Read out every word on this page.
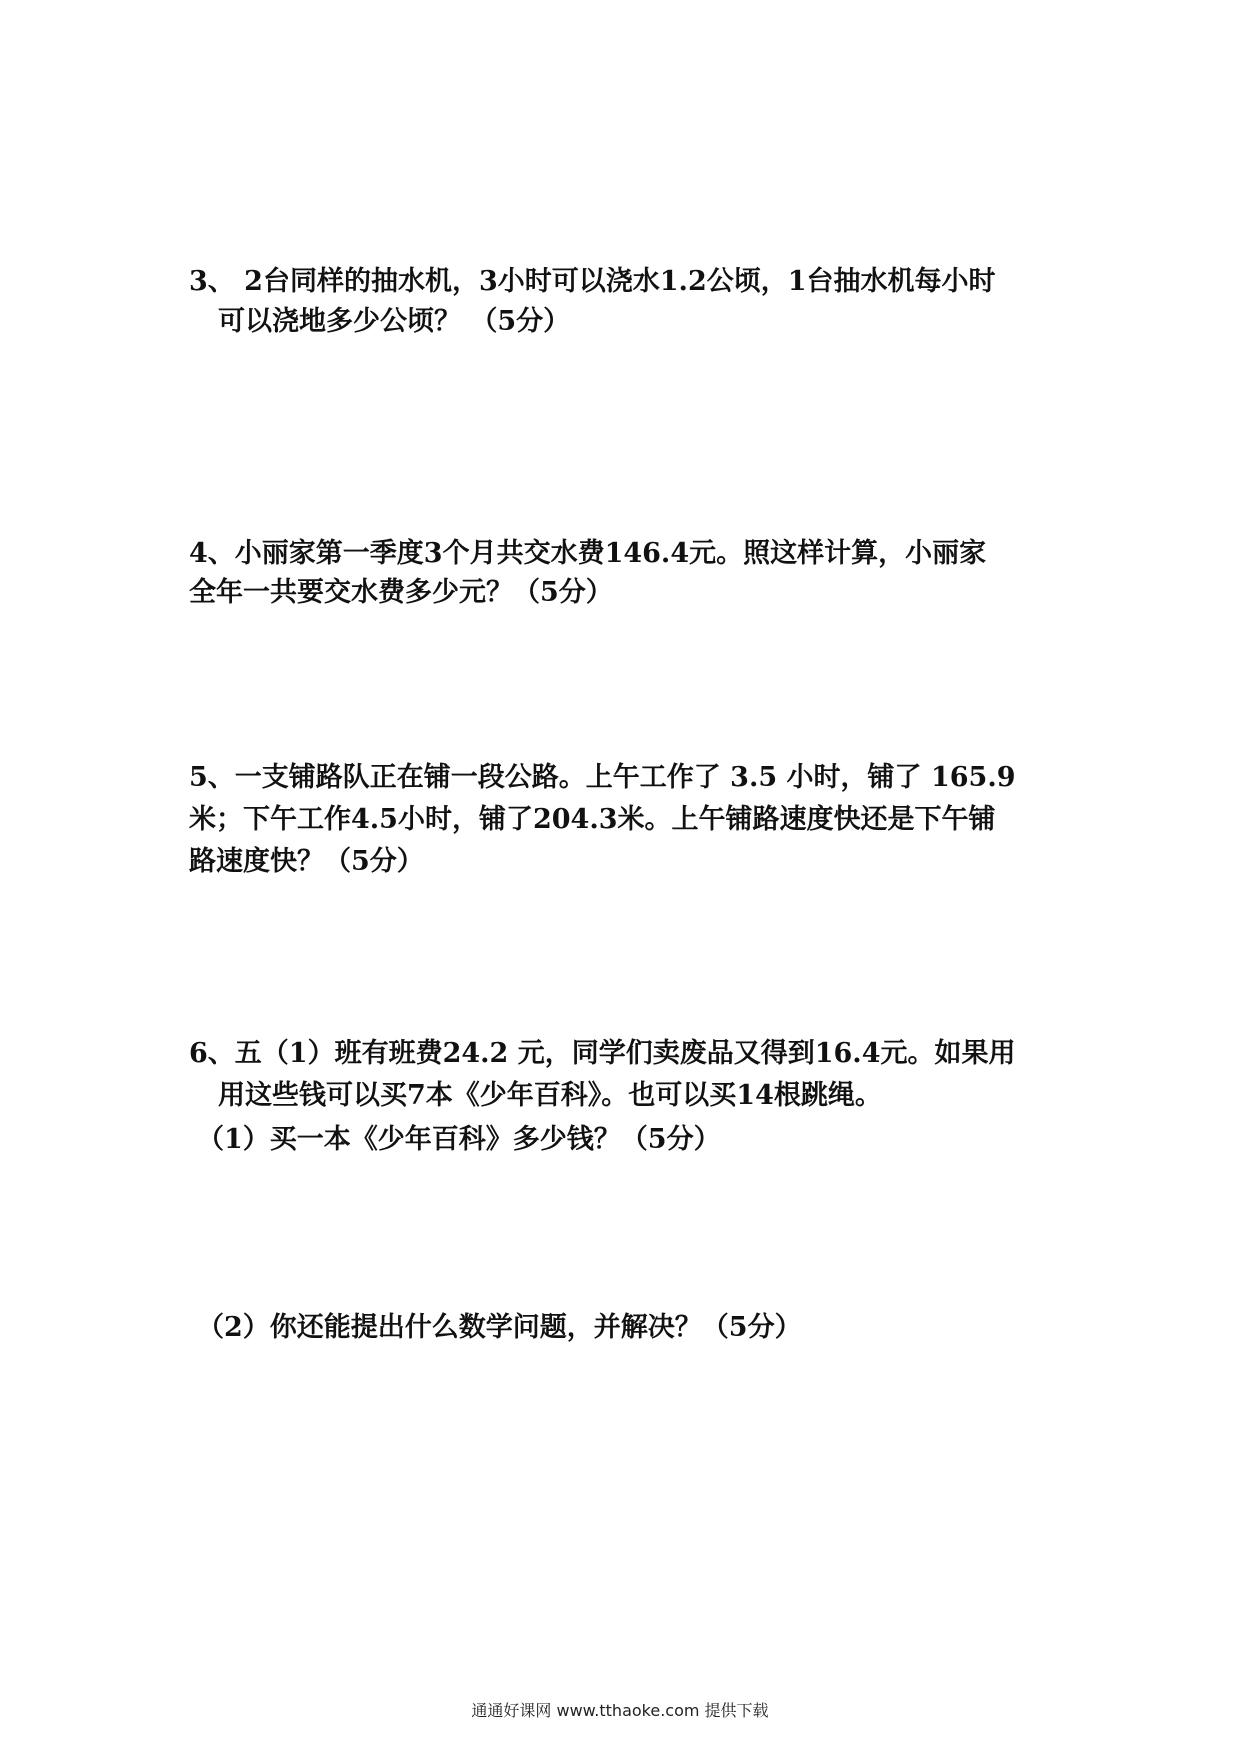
3、 2台同样的抽水机，3小时可以浇水1.2公顷，1台抽水机每小时
可以浇地多少公顷？ （5分）
4、小丽家第一季度3个月共交水费146.4元。照这样计算，小丽家
全年一共要交水费多少元？（5分）
5、一支铺路队正在铺一段公路。上午工作了 3.5 小时，铺了 165.9
米；下午工作4.5小时，铺了204.3米。上午铺路速度快还是下午铺
路速度快？（5分）
6、五（1）班有班费24.2 元，同学们卖废品又得到16.4元。如果用
用这些钱可以买7本《少年百科》。也可以买14根跳绳。
（1）买一本《少年百科》多少钱？（5分）
（2）你还能提出什么数学问题，并解决？（5分）
通通好课网 www.tthaoke.com 提供下载
